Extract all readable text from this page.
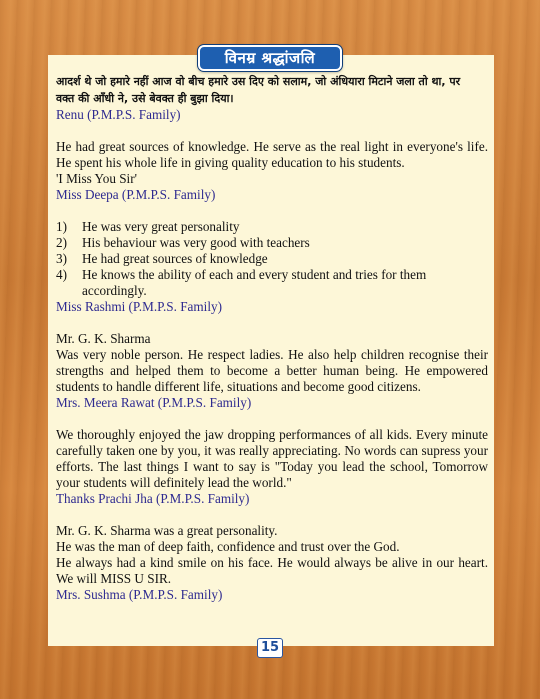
विनम्र श्रद्धांजलि

आदर्श थे जो हमारे नहीं आज वो बीच हमारे उस दिए को सलाम, जो अंधियारा मिटाने जला तो था, पर

वक्त की आँधी ने, उसे बेवक्त ही बुझा दिया।

Renu (P.M.P.S. Family)

He had great sources of knowledge. He serve as the real light in everyone's life. He spent his whole life in giving quality education to his students.

'I Miss You Sir'

Miss Deepa (P.M.P.S. Family)

1) He was very great personality
2) His behaviour was very good with teachers
3) He had great sources of knowledge
4) He knows the ability of each and every student and tries for them accordingly.

Miss Rashmi (P.M.P.S. Family)

Mr. G. K. Sharma

Was very noble person. He respect ladies. He also help children recognise their strengths and helped them to become a better human being. He empowered students to handle different life, situations and become good citizens.

Mrs. Meera Rawat (P.M.P.S. Family)

We thoroughly enjoyed the jaw dropping performances of all kids. Every minute carefully taken one by you, it was really appreciating. No words can supress your efforts. The last things I want to say is "Today you lead the school, Tomorrow your students will definitely lead the world."

Thanks Prachi Jha (P.M.P.S. Family)

Mr. G. K. Sharma was a great personality.

He was the man of deep faith, confidence and trust over the God.

He always had a kind smile on his face. He would always be alive in our heart. We will MISS U SIR.

Mrs. Sushma (P.M.P.S. Family)

15
